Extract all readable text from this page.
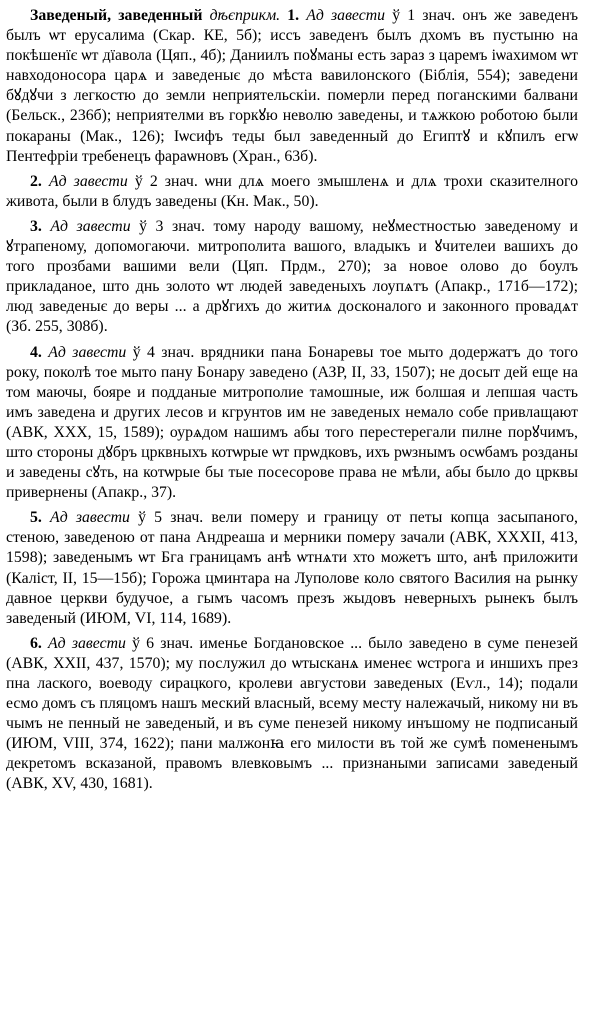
Заведеный, заведенный дѣєприкм. 1. Ад завести ў 1 знач. онъ же заведенъ былъ ѡт ерусалима (Скар. КЕ, 5б); иссъ заведенъ былъ дхомъ въ пустыню на покѣшенїє ѡт дїавола (Цяп., 4б); Даниилъ поꙋманы есть зараз з царемъ іѡахимом ѡт навходоносора царѧ и заведеныє до мѣста вавилонского (Біблія, 554); заведени бꙋдꙋчи з легкостю до земли неприятельскiи. померли перед поганскими балвани (Бельск., 236б); неприятелми въ горкꙋю неволю заведены, и тѧжкою роботою были покараны (Мак., 126); Іѡсифъ теды был заведенный до Египтꙋ и кꙋпилъ егѡ Пентефрiи требенецъ фараѡновъ (Хран., 63б).

2. Ад завести ў 2 знач. ѡни длѧ моего змышленѧ и длѧ трохи сказителного живота, были в блудъ заведены (Кн. Мак., 50).

3. Ад завести ў 3 знач. тому народу вашому, неꙋместностью заведеному и ꙋтрапеному, допомогаючи. митрополита вашого, владыкъ и ꙋчителеи вашихъ до того прозбами вашими вели (Цяп. Прдм., 270); за новое олово до боулъ прикладаное, што днь золото ѡт людей заведеныхъ лоупѧтъ (Апакр., 171б—172); люд заведеныє до веры ... а дрꙋгихъ до житиѧ досконалого и законного провадѧт (Зб. 255, 308б).

4. Ад завести ў 4 знач. врядники пана Бонаревы тое мыто додержатъ до того року, поколѣ тое мыто пану Бонару заведено (АЗР, II, 33, 1507); не досыт дей еще на том маючы, бояре и подданые митрополие тамошные, иж болшая и лепшая часть имъ заведена и других лесов и кгрунтов им не заведеных немало собе привлащают (АВК, XXX, 15, 1589); оурѧдом нашимъ абы того перестерегали пилне порꙋчимъ, што стороны дꙋбръ црквныхъ котѡрые ѡт прѡдковъ, ихъ рѡзнымъ осѡбамъ розданы и заведены сꙋть, на котѡрые бы тые посесорове права не мѣли, абы было до црквы привернены (Апакр., 37).

5. Ад завести ў 5 знач. вели померу и границу от петы копца засыпаного, стеною, заведеною от пана Андреаша и мерники померу зачали (АВК, XXXII, 413, 1598); заведенымъ ѡт Бга границамъ анѣ ѡтнѧти хто можетъ што, анѣ приложити (Калiст, II, 15—15б); Горожа цминтара на Луполове коло святого Василия на рынку давное церкви будучое, а гымъ часомъ презъ жыдовъ неверныхъ рынекъ былъ заведеный (ИЮМ, VI, 114, 1689).

6. Ад завести ў 6 знач. именье Богдановское ... было заведено в суме пенезей (АВК, XXII, 437, 1570); му послужил до ѡтысканѧ именеє ѡстрога и иншихъ през пна лаского, воеводу сирацкого, кролеви августови заведеных (Еѵл., 14); подали есмо домъ съ пляцомъ нашъ меский власный, всему месту належачый, никому ни въ чымъ не пенный не заведеный, и въ суме пенезей никому инъшому не подписаный (ИЮМ, VIII, 374, 1622); пани малжонꙗ его милости въ той же сумѣ помененымъ декретомъ всказаной, правомъ влевковымъ ... признаными записами заведеный (АВК, XV, 430, 1681).
